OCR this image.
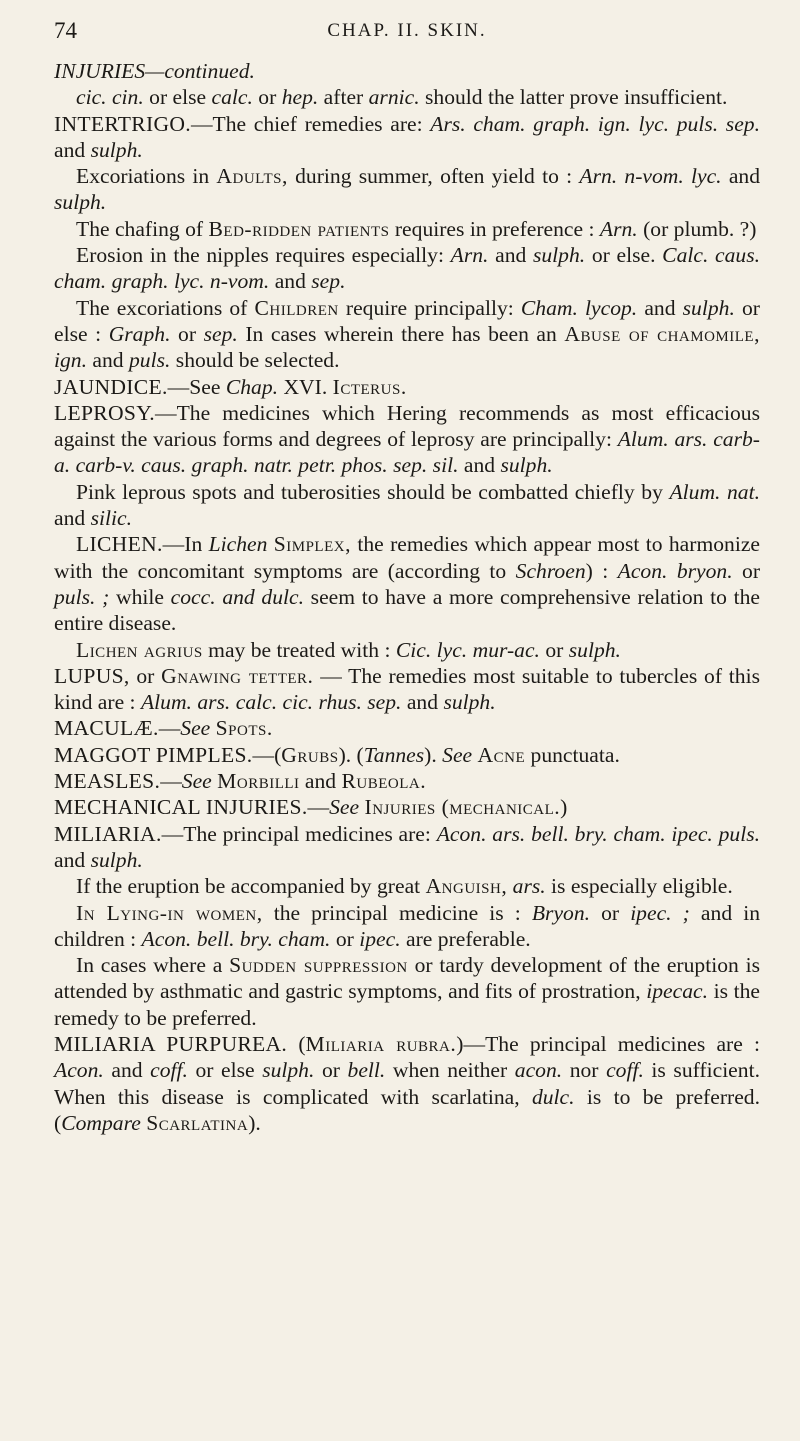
74	CHAP. II. SKIN.

INJURIES—continued.

cic. cin. or else calc. or hep. after arnic. should the latter prove insufficient.

INTERTRIGO.—The chief remedies are: Ars. cham. graph. ign. lyc. puls. sep. and sulph.

Excoriations in Adults, during summer, often yield to : Arn. n-vom. lyc. and sulph.

The chafing of Bed-ridden patients requires in preference : Arn. (or plumb. ?)

Erosion in the nipples requires especially: Arn. and sulph. or else. Calc. caus. cham. graph. lyc. n-vom. and sep.

The excoriations of Children require principally: Cham. lycop. and sulph. or else : Graph. or sep. In cases wherein there has been an Abuse of chamomile, ign. and puls. should be selected.

JAUNDICE.—See Chap. XVI. Icterus.

LEPROSY.—The medicines which Hering recommends as most efficacious against the various forms and degrees of leprosy are principally: Alum. ars. carb-a. carb-v. caus. graph. natr. petr. phos. sep. sil. and sulph.

Pink leprous spots and tuberosities should be combatted chiefly by Alum. nat. and silic.

LICHEN.—In Lichen Simplex, the remedies which appear most to harmonize with the concomitant symptoms are (according to Schroen) : Acon. bryon. or puls. ; while cocc. and dulc. seem to have a more comprehensive relation to the entire disease.

Lichen agrius may be treated with : Cic. lyc. mur-ac. or sulph.

LUPUS, or Gnawing tetter. — The remedies most suitable to tubercles of this kind are : Alum. ars. calc. cic. rhus. sep. and sulph.

MACULÆ.—See Spots.

MAGGOT PIMPLES.—(Grubs). (Tannes). See Acne punctuata.

MEASLES.—See Morbilli and Rubeola.

MECHANICAL INJURIES.—See Injuries (mechanical.)

MILIARIA.—The principal medicines are: Acon. ars. bell. bry. cham. ipec. puls. and sulph.

If the eruption be accompanied by great Anguish, ars. is especially eligible.

In Lying-in women, the principal medicine is : Bryon. or ipec. ; and in children : Acon. bell. bry. cham. or ipec. are preferable.

In cases where a Sudden suppression or tardy development of the eruption is attended by asthmatic and gastric symptoms, and fits of prostration, ipecac. is the remedy to be preferred.

MILIARIA PURPUREA. (Miliaria rubra.)—The principal medicines are : Acon. and coff. or else sulph. or bell. when neither acon. nor coff. is sufficient. When this disease is complicated with scarlatina, dulc. is to be preferred. (Compare Scarlatina).
